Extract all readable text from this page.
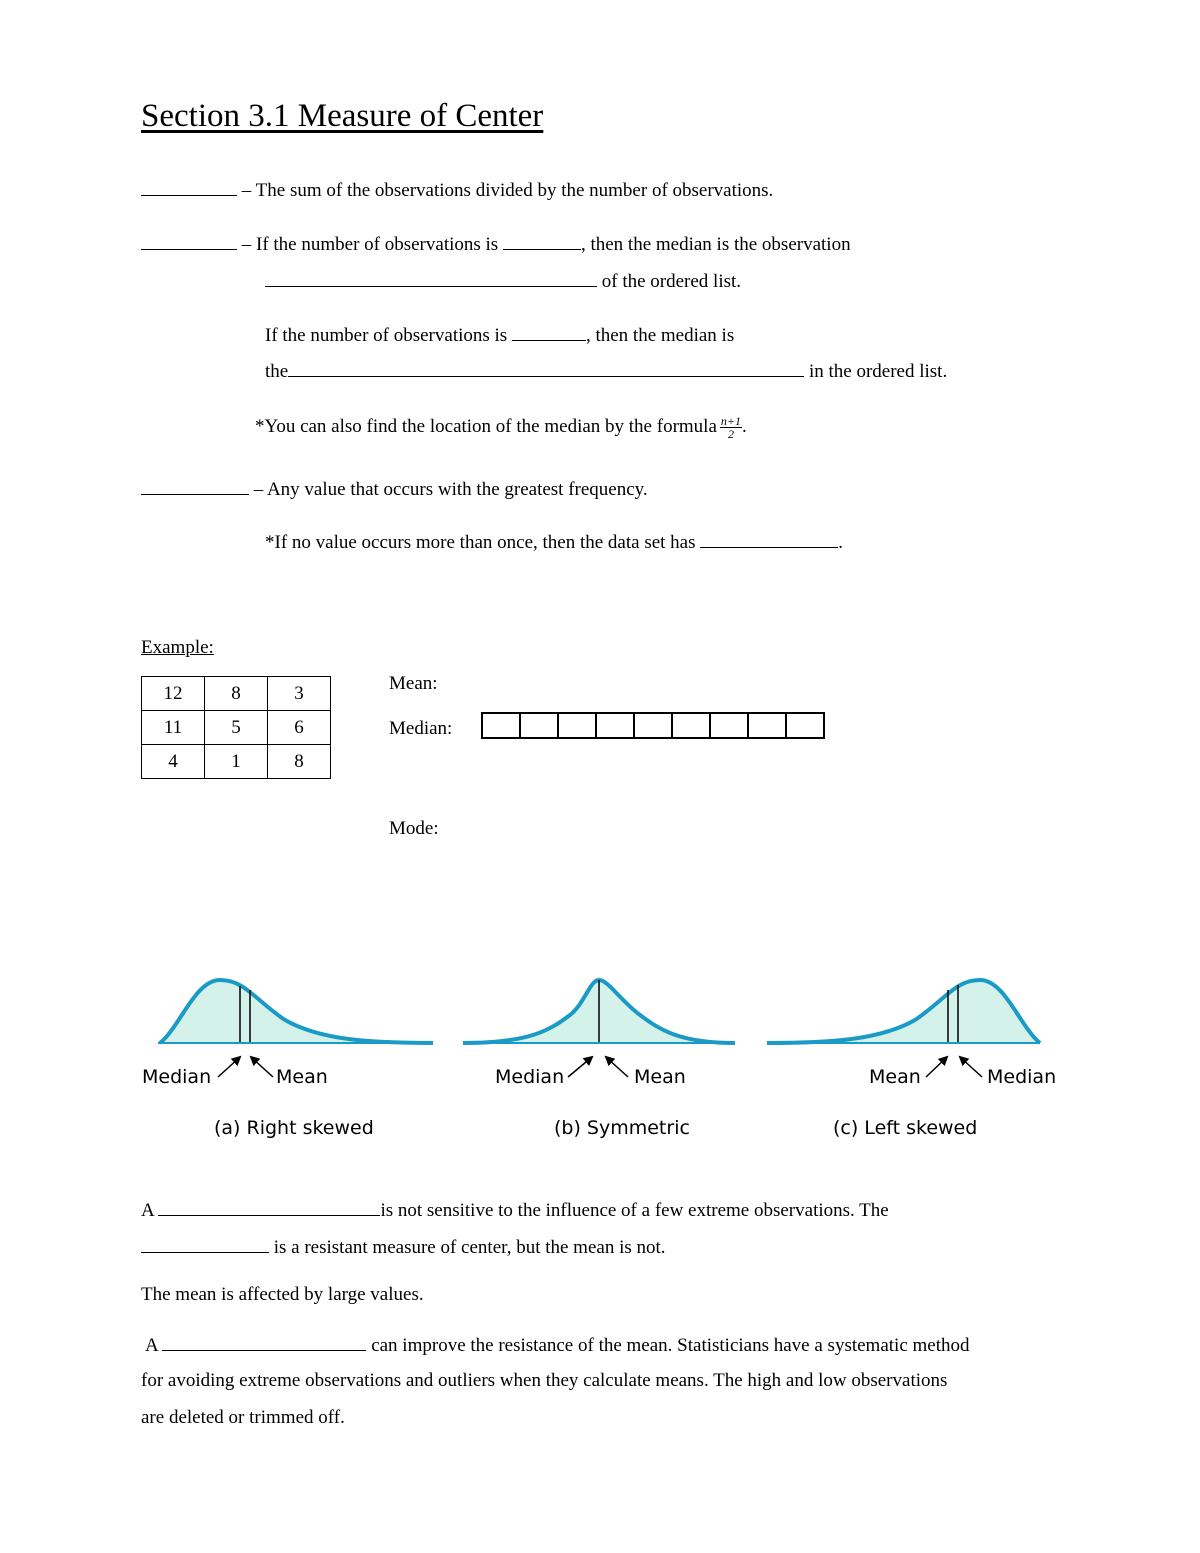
Section 3.1 Measure of Center
– The sum of the observations divided by the number of observations.
– If the number of observations is	, then the median is the observation
of the ordered list.
If the number of observations is	, then the median is
the	in the ordered list.
*You can also find the location of the median by the formula $\frac{n+1}{2}$ .
– Any value that occurs with the greatest frequency.
*If no value occurs more than once, then the data set has	.
Example:
12	8	3
11	5	6
4	1	8
Mean:
Median:
Mode:
Median	Mean
(a) Right skewed
Median	Mean
(b) Symmetric
Mean	Median
(c) Left skewed
A	is not sensitive to the influence of a few extreme observations. The
is a resistant measure of center, but the mean is not.
The mean is affected by large values.
A	can improve the resistance of the mean. Statisticians have a systematic method
for avoiding extreme observations and outliers when they calculate means. The high and low observations
are deleted or trimmed off.
